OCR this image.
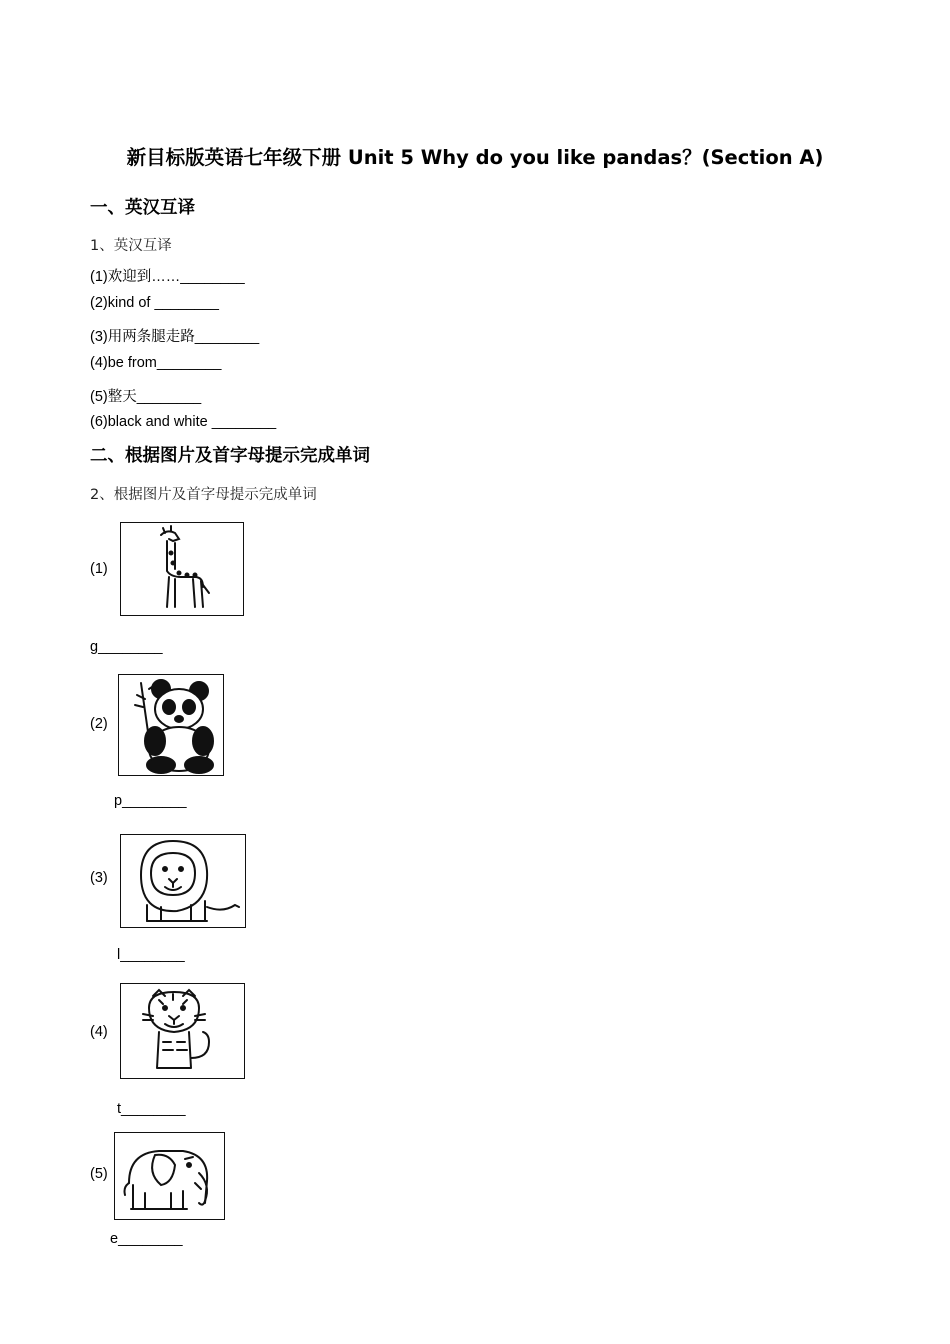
新目标版英语七年级下册 Unit 5 Why do you like pandas？(Section A)
一、英汉互译
1、英汉互译
(1)欢迎到……________
(2)kind of ________
(3)用两条腿走路________
(4)be from________
(5)整天________
(6)black and white ________
二、根据图片及首字母提示完成单词
2、根据图片及首字母提示完成单词
(1)
g________
(2)
p________
(3)
l________
(4)
t________
(5)
e________
